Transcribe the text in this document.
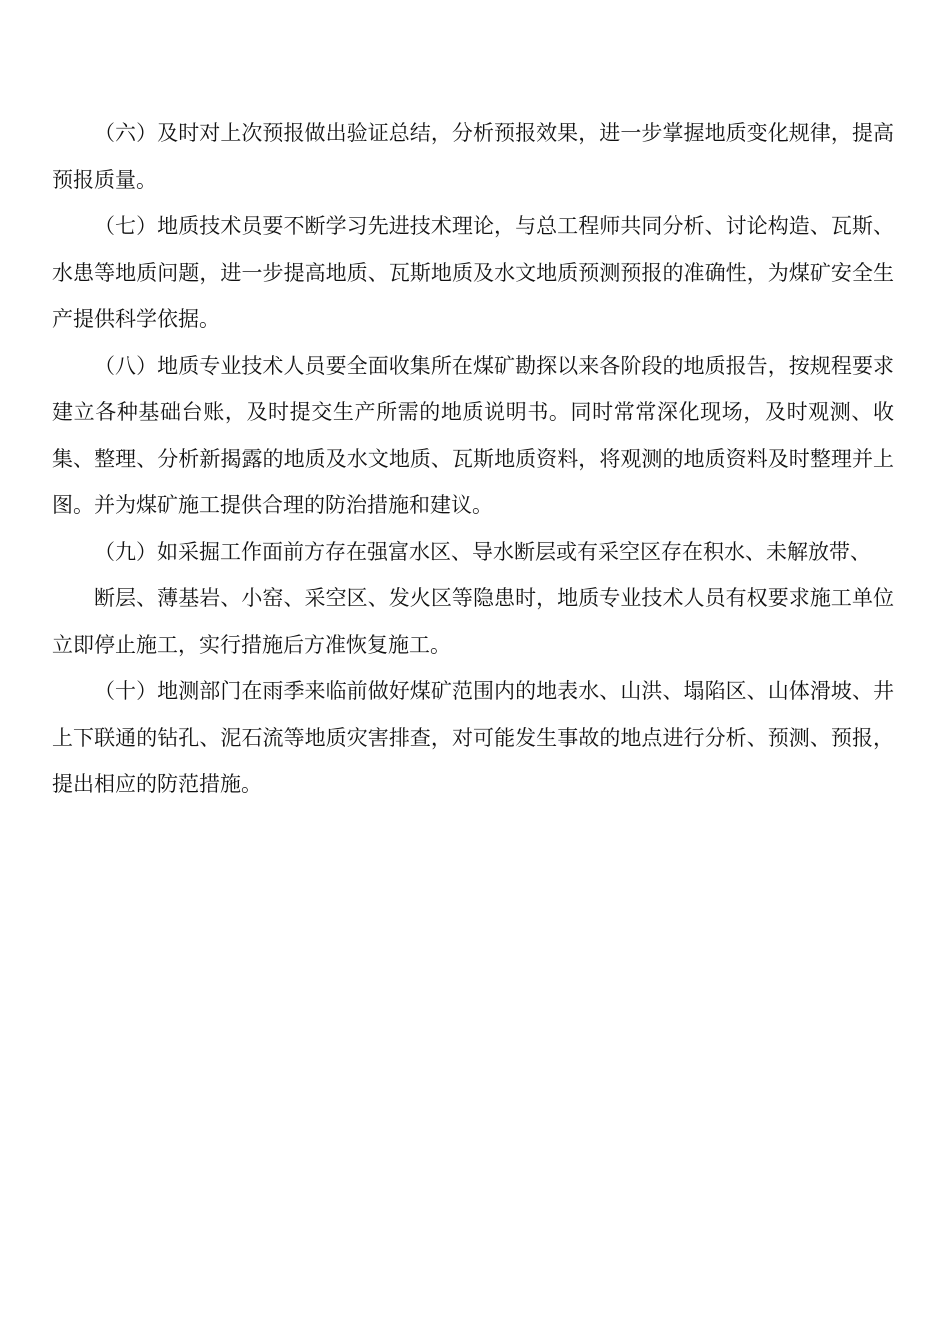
（六）及时对上次预报做出验证总结，分析预报效果，进一步掌握地质变化规律，提高预报质量。

（七）地质技术员要不断学习先进技术理论，与总工程师共同分析、讨论构造、瓦斯、水患等地质问题，进一步提高地质、瓦斯地质及水文地质预测预报的准确性，为煤矿安全生产提供科学依据。

（八）地质专业技术人员要全面收集所在煤矿勘探以来各阶段的地质报告，按规程要求建立各种基础台账，及时提交生产所需的地质说明书。同时常常深化现场，及时观测、收集、整理、分析新揭露的地质及水文地质、瓦斯地质资料，将观测的地质资料及时整理并上图。并为煤矿施工提供合理的防治措施和建议。

（九）如采掘工作面前方存在强富水区、导水断层或有采空区存在积水、未解放带、

断层、薄基岩、小窑、采空区、发火区等隐患时，地质专业技术人员有权要求施工单位立即停止施工，实行措施后方准恢复施工。

（十）地测部门在雨季来临前做好煤矿范围内的地表水、山洪、塌陷区、山体滑坡、井上下联通的钻孔、泥石流等地质灾害排查，对可能发生事故的地点进行分析、预测、预报，提出相应的防范措施。
